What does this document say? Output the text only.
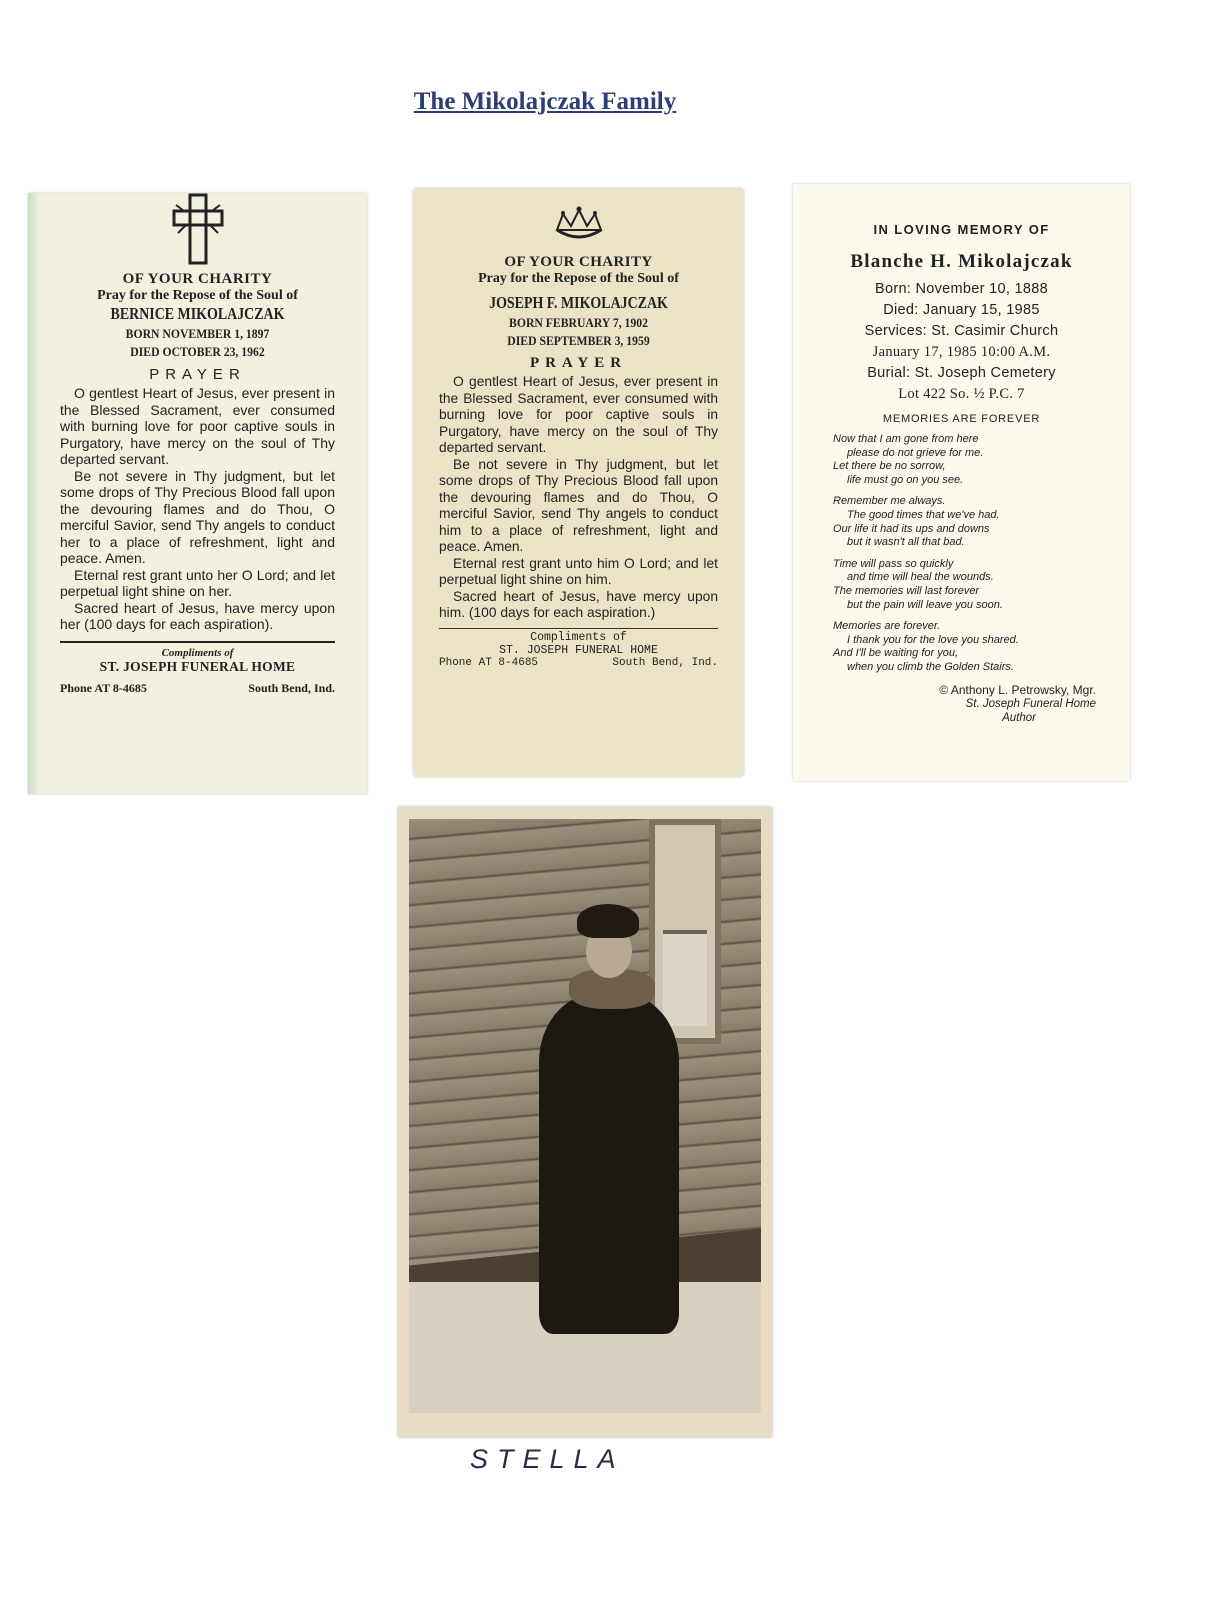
The Mikolajczak Family
OF YOUR CHARITY
Pray for the Repose of the Soul of
BERNICE MIKOLAJCZAK
BORN NOVEMBER 1, 1897
DIED OCTOBER 23, 1962
PRAYER

O gentlest Heart of Jesus, ever present in the Blessed Sacrament, ever consumed with burning love for poor captive souls in Purgatory, have mercy on the soul of Thy departed servant.

Be not severe in Thy judgment, but let some drops of Thy Precious Blood fall upon the devouring flames and do Thou, O merciful Savior, send Thy angels to conduct her to a place of refreshment, light and peace. Amen.

Eternal rest grant unto her O Lord; and let perpetual light shine on her.

Sacred heart of Jesus, have mercy upon her (100 days for each aspiration).

Compliments of
ST. JOSEPH FUNERAL HOME
Phone AT 8-4685	South Bend, Ind.
OF YOUR CHARITY
Pray for the Repose of the Soul of
JOSEPH F. MIKOLAJCZAK
BORN FEBRUARY 7, 1902
DIED SEPTEMBER 3, 1959
PRAYER

O gentlest Heart of Jesus, ever present in the Blessed Sacrament, ever consumed with burning love for poor captive souls in Purgatory, have mercy on the soul of Thy departed servant.

Be not severe in Thy judgment, but let some drops of Thy Precious Blood fall upon the devouring flames and do Thou, O merciful Savior, send Thy angels to conduct him to a place of refreshment, light and peace. Amen.

Eternal rest grant unto him O Lord; and let perpetual light shine on him.

Sacred heart of Jesus, have mercy upon him. (100 days for each aspiration.)

Compliments of
ST. JOSEPH FUNERAL HOME
Phone AT 8-4685	South Bend, Ind.
IN LOVING MEMORY OF
Blanche H. Mikolajczak
Born: November 10, 1888
Died: January 15, 1985
Services: St. Casimir Church
January 17, 1985 10:00 A.M.
Burial: St. Joseph Cemetery
Lot 422 So. ½ P.C. 7
MEMORIES ARE FOREVER
Now that I am gone from here
please do not grieve for me.
Let there be no sorrow,
life must go on you see.
Remember me always.
The good times that we've had.
Our life it had its ups and downs
but it wasn't all that bad.
Time will pass so quickly
and time will heal the wounds.
The memories will last forever
but the pain will leave you soon.
Memories are forever.
I thank you for the love you shared.
And I'll be waiting for you,
when you climb the Golden Stairs.
© Anthony L. Petrowsky, Mgr.
St. Joseph Funeral Home
Author
STELLA
